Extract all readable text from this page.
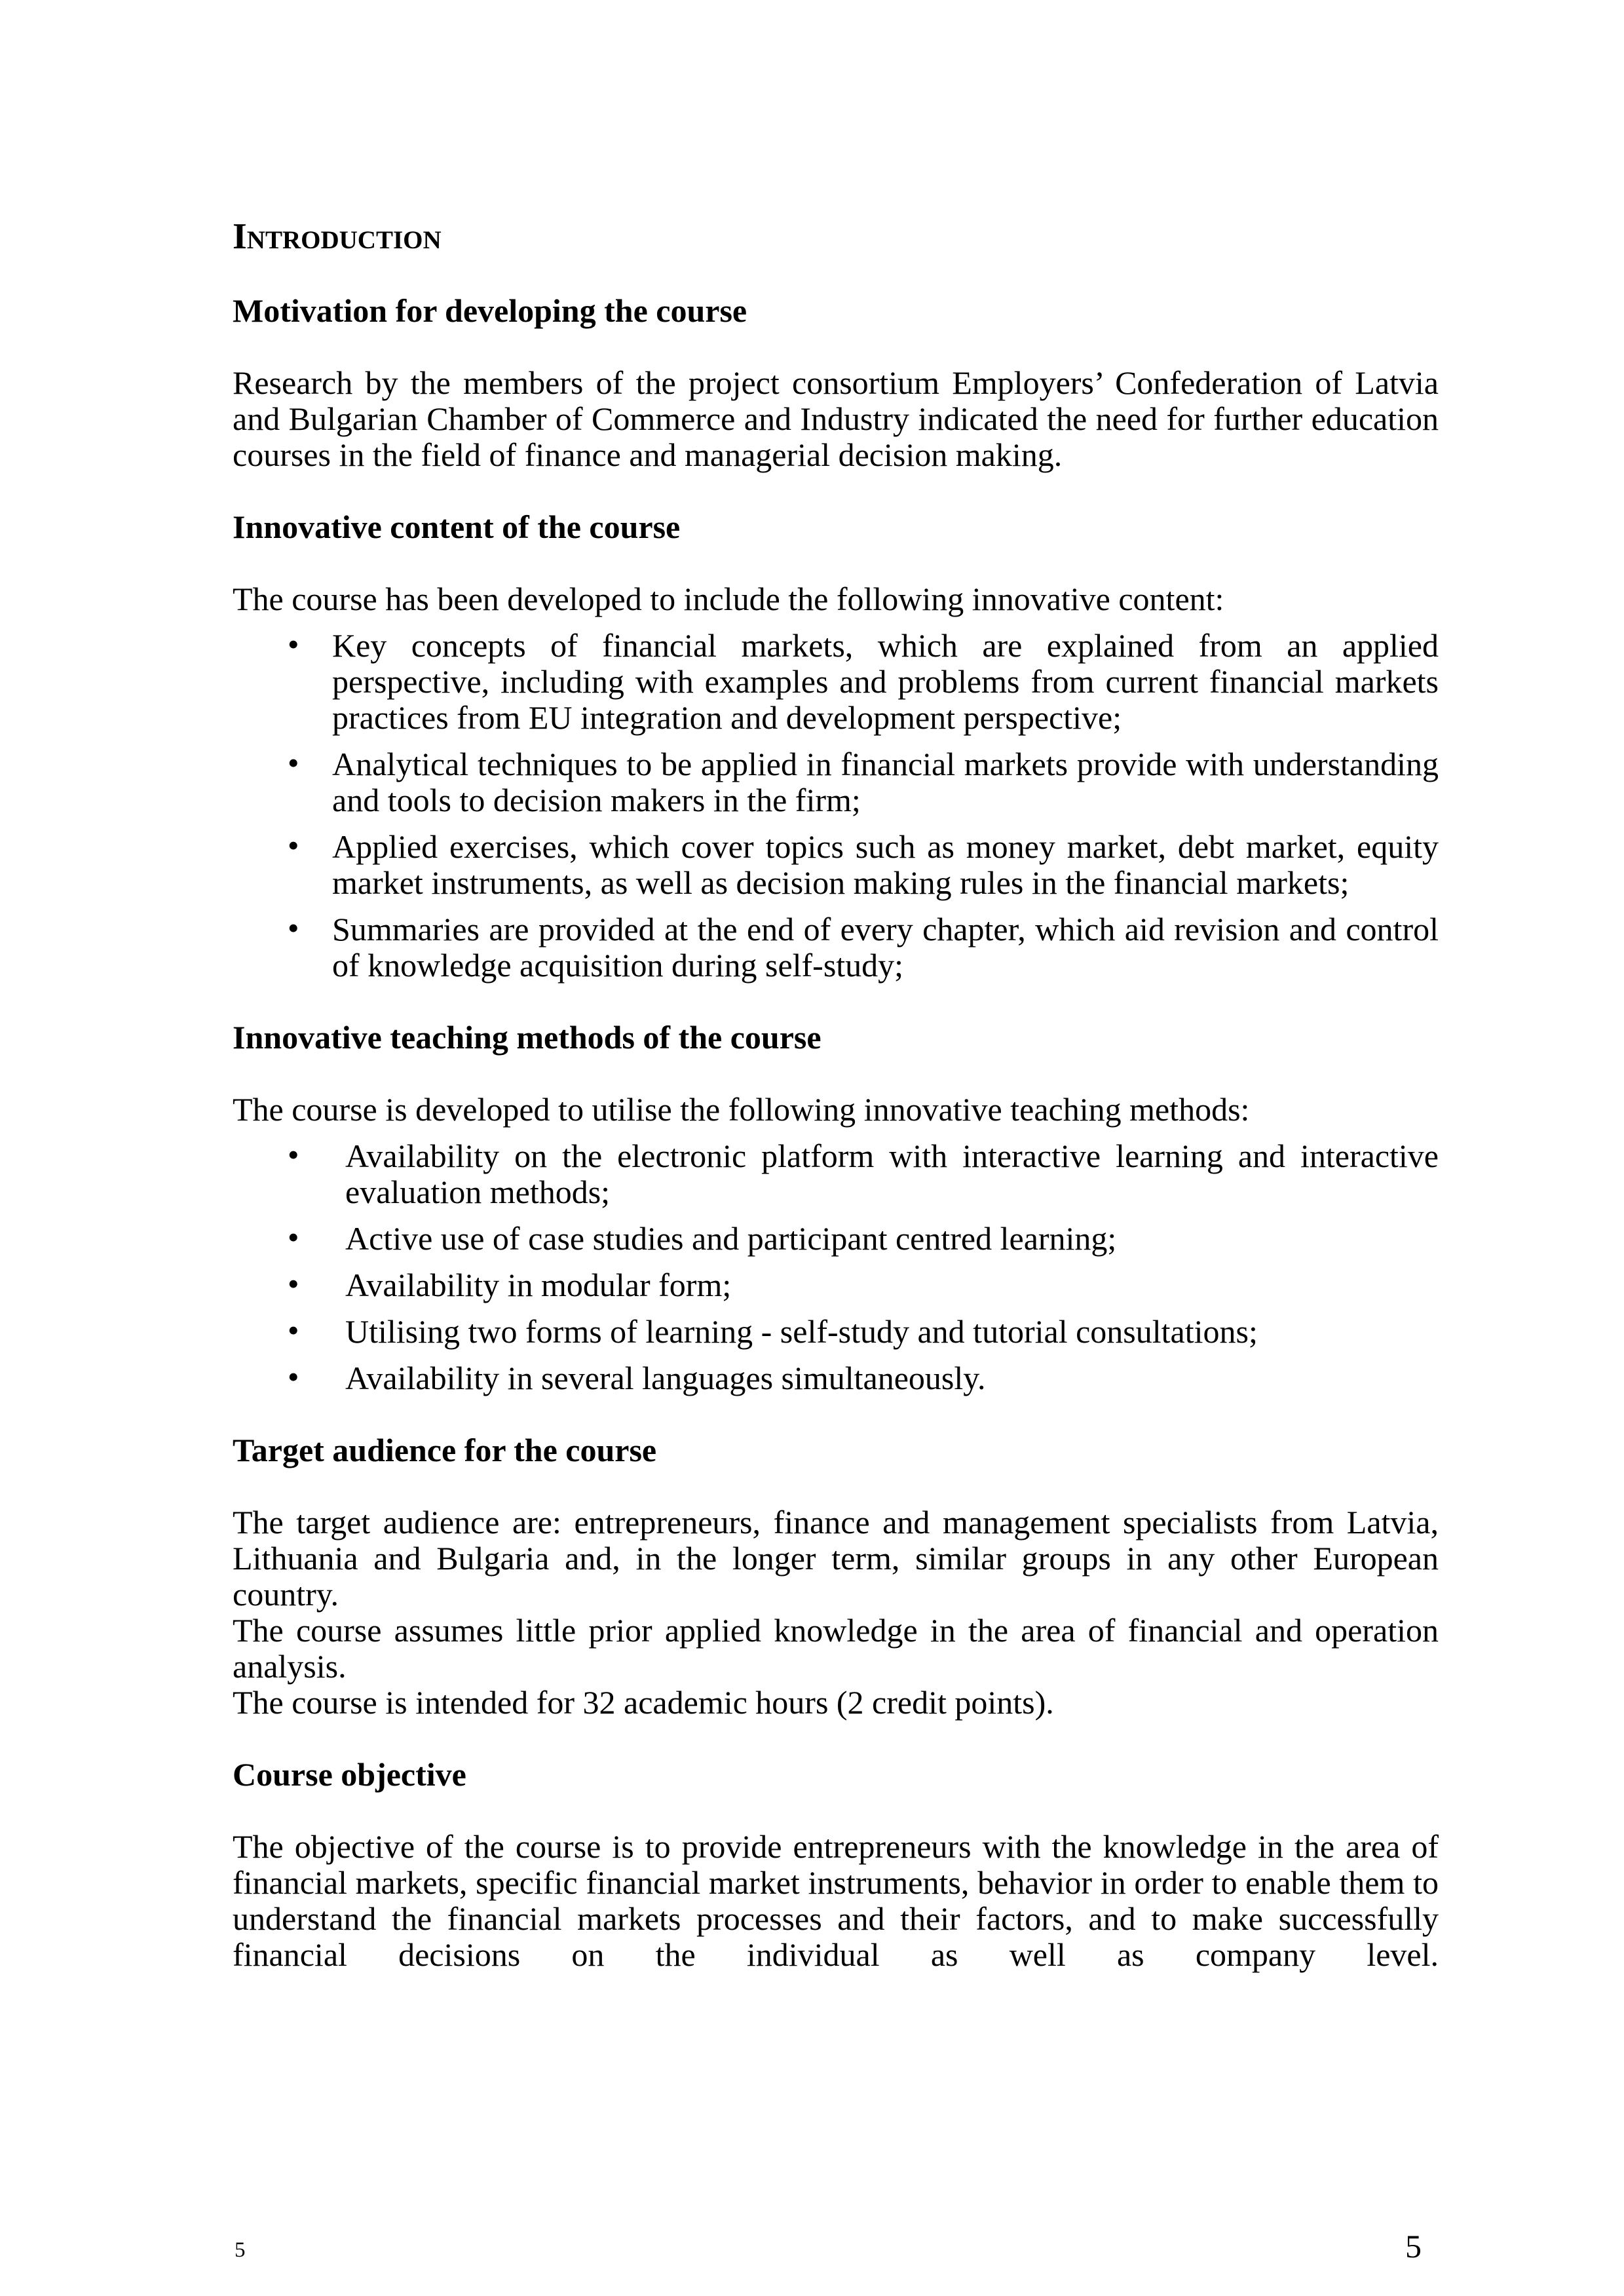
Introduction
Motivation for developing the course

Research by the members of the project consortium Employers’ Confederation of Latvia and Bulgarian Chamber of Commerce and Industry indicated the need for further education courses in the field of finance and managerial decision making.

Innovative content of the course

The course has been developed to include the following innovative content:

• Key concepts of financial markets, which are explained from an applied perspective, including with examples and problems from current financial markets practices from EU integration and development perspective;
• Analytical techniques to be applied in financial markets provide with understanding and tools to decision makers in the firm;
• Applied exercises, which cover topics such as money market, debt market, equity market instruments, as well as decision making rules in the financial markets;
• Summaries are provided at the end of every chapter, which aid revision and control of knowledge acquisition during self-study;
Innovative teaching methods of the course

The course is developed to utilise the following innovative teaching methods:

• Availability on the electronic platform with interactive learning and interactive evaluation methods;
• Active use of case studies and participant centred learning;
• Availability in modular form;
• Utilising two forms of learning - self-study and tutorial consultations;
• Availability in several languages simultaneously.
Target audience for the course

The target audience are: entrepreneurs, finance and management specialists from Latvia, Lithuania and Bulgaria and, in the longer term, similar groups in any other European country.

The course assumes little prior applied knowledge in the area of financial and operation analysis.

The course is intended for 32 academic hours (2 credit points).

Course objective

The objective of the course is to provide entrepreneurs with the knowledge in the area of financial markets, specific financial market instruments, behavior in order to enable them to understand the financial markets processes and their factors, and to make successfully financial decisions on the individual as well as company level.

5	5
